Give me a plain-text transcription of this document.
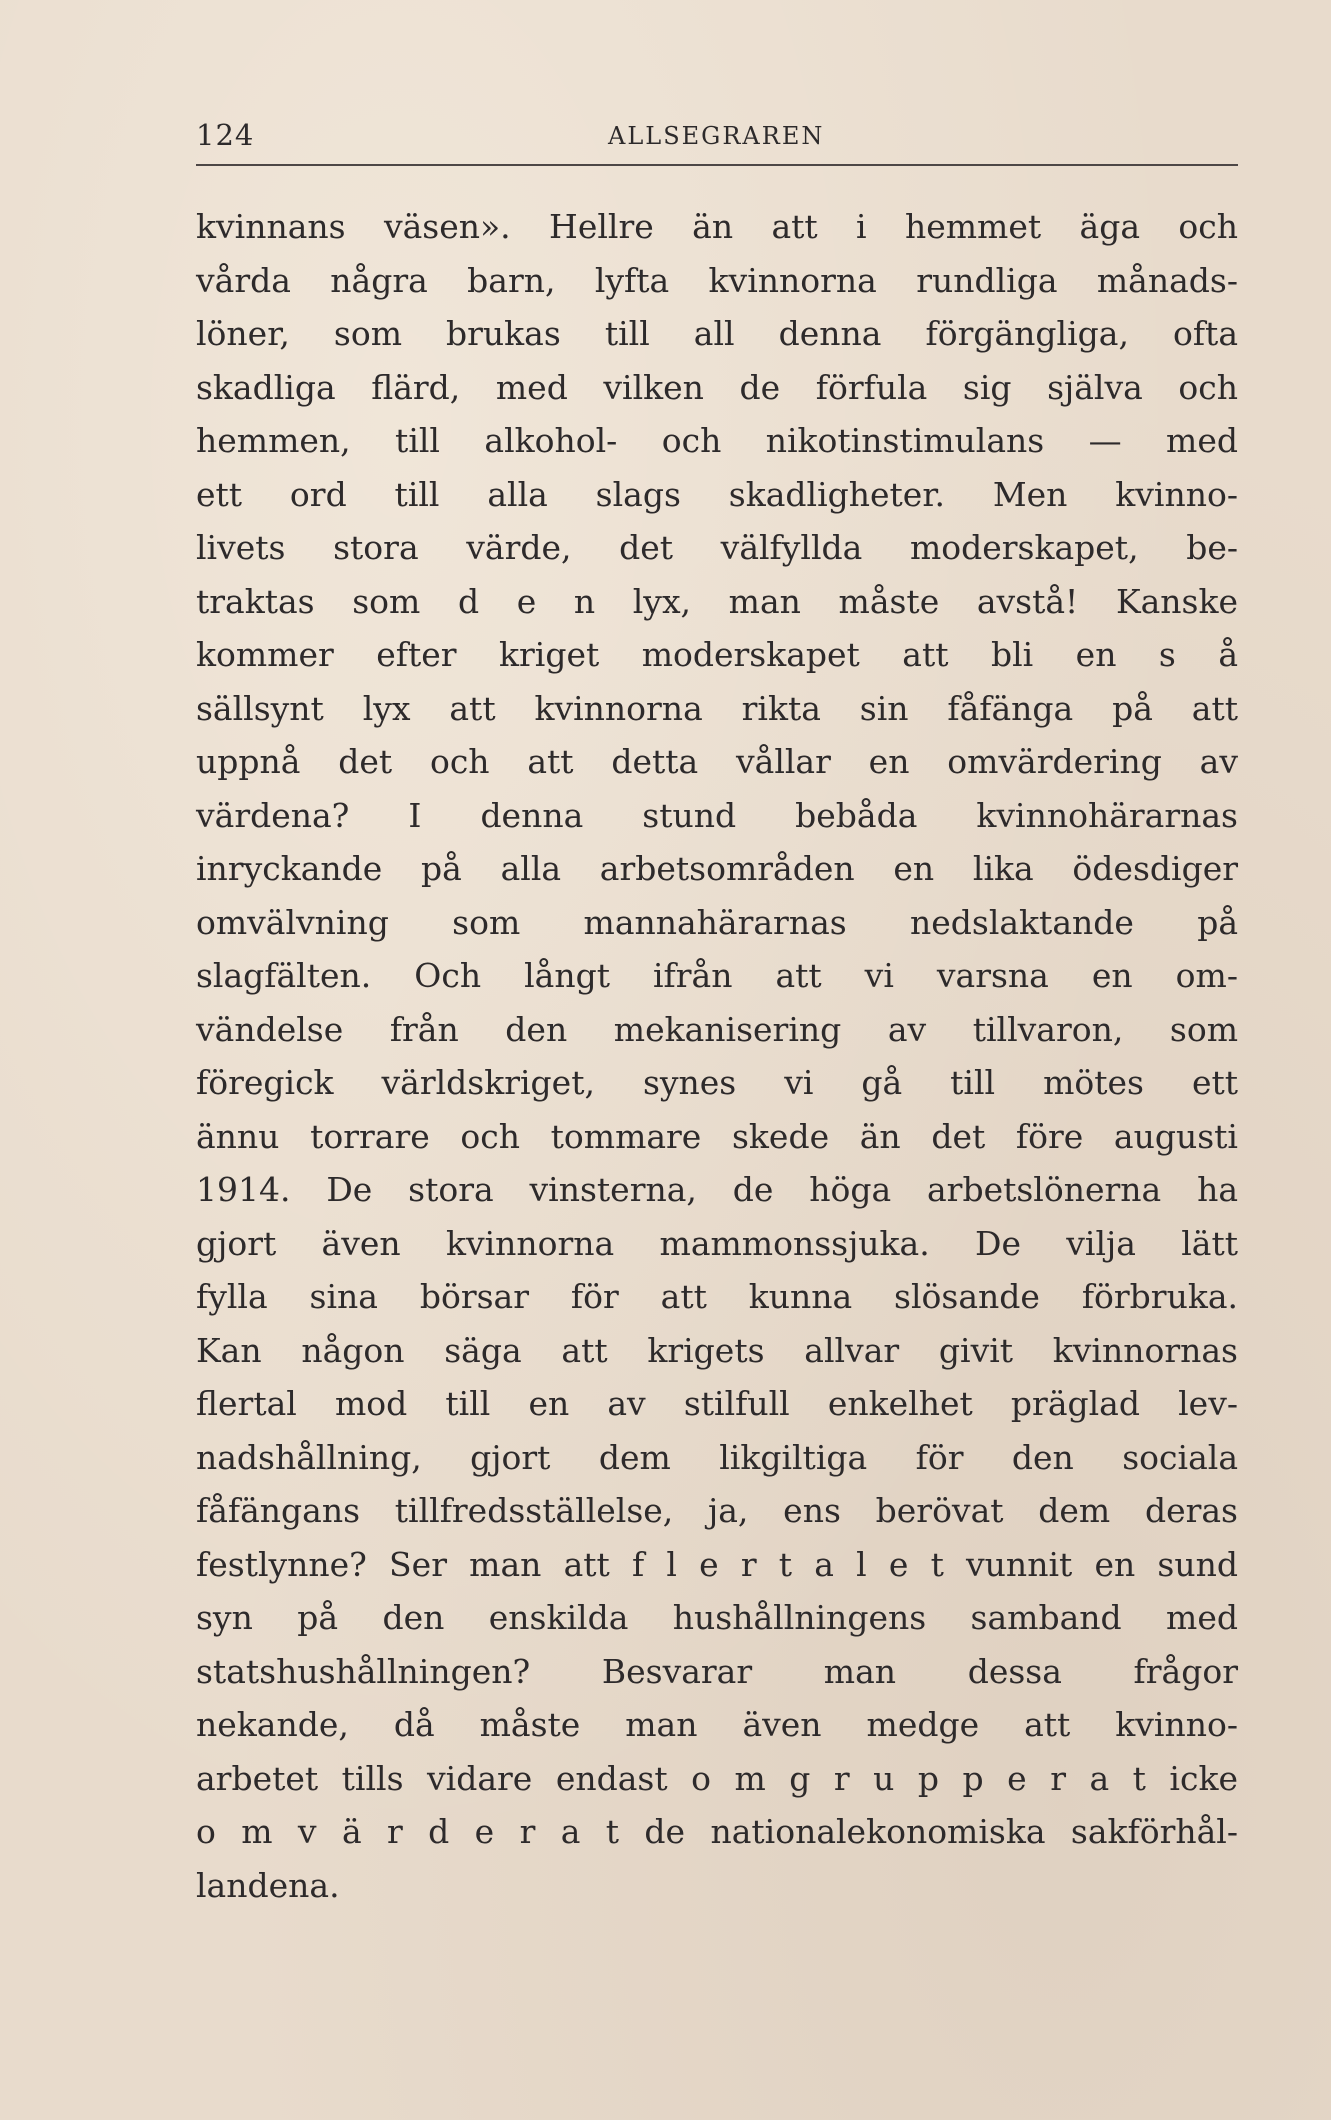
124	ALLSEGRAREN
kvinnans väsen». Hellre än att i hemmet äga och
vårda några barn, lyfta kvinnorna rundliga månads-
löner, som brukas till all denna förgängliga, ofta
skadliga flärd, med vilken de förfula sig själva och
hemmen, till alkohol- och nikotinstimulans — med
ett ord till alla slags skadligheter. Men kvinno-
livets stora värde, det välfyllda moderskapet, be-
traktas som d e n lyx, man måste avstå! Kanske
kommer efter kriget moderskapet att bli en s å
sällsynt lyx att kvinnorna rikta sin fåfänga på att
uppnå det och att detta vållar en omvärdering av
värdena? I denna stund bebåda kvinnohärarnas
inryckande på alla arbetsområden en lika ödesdiger
omvälvning som mannahärarnas nedslaktande på
slagfälten. Och långt ifrån att vi varsna en om-
vändelse från den mekanisering av tillvaron, som
föregick världskriget, synes vi gå till mötes ett
ännu torrare och tommare skede än det före augusti
1914. De stora vinsterna, de höga arbetslönerna ha
gjort även kvinnorna mammonssjuka. De vilja lätt
fylla sina börsar för att kunna slösande förbruka.
Kan någon säga att krigets allvar givit kvinnornas
flertal mod till en av stilfull enkelhet präglad lev-
nadshållning, gjort dem likgiltiga för den sociala
fåfängans tillfredsställelse, ja, ens berövat dem deras
festlynne? Ser man att f l e r t a l e t vunnit en sund
syn på den enskilda hushållningens samband med
statshushållningen? Besvarar man dessa frågor
nekande, då måste man även medge att kvinno-
arbetet tills vidare endast o m g r u p p e r a t icke
o m v ä r d e r a t de nationalekonomiska sakförhål-
landena.
